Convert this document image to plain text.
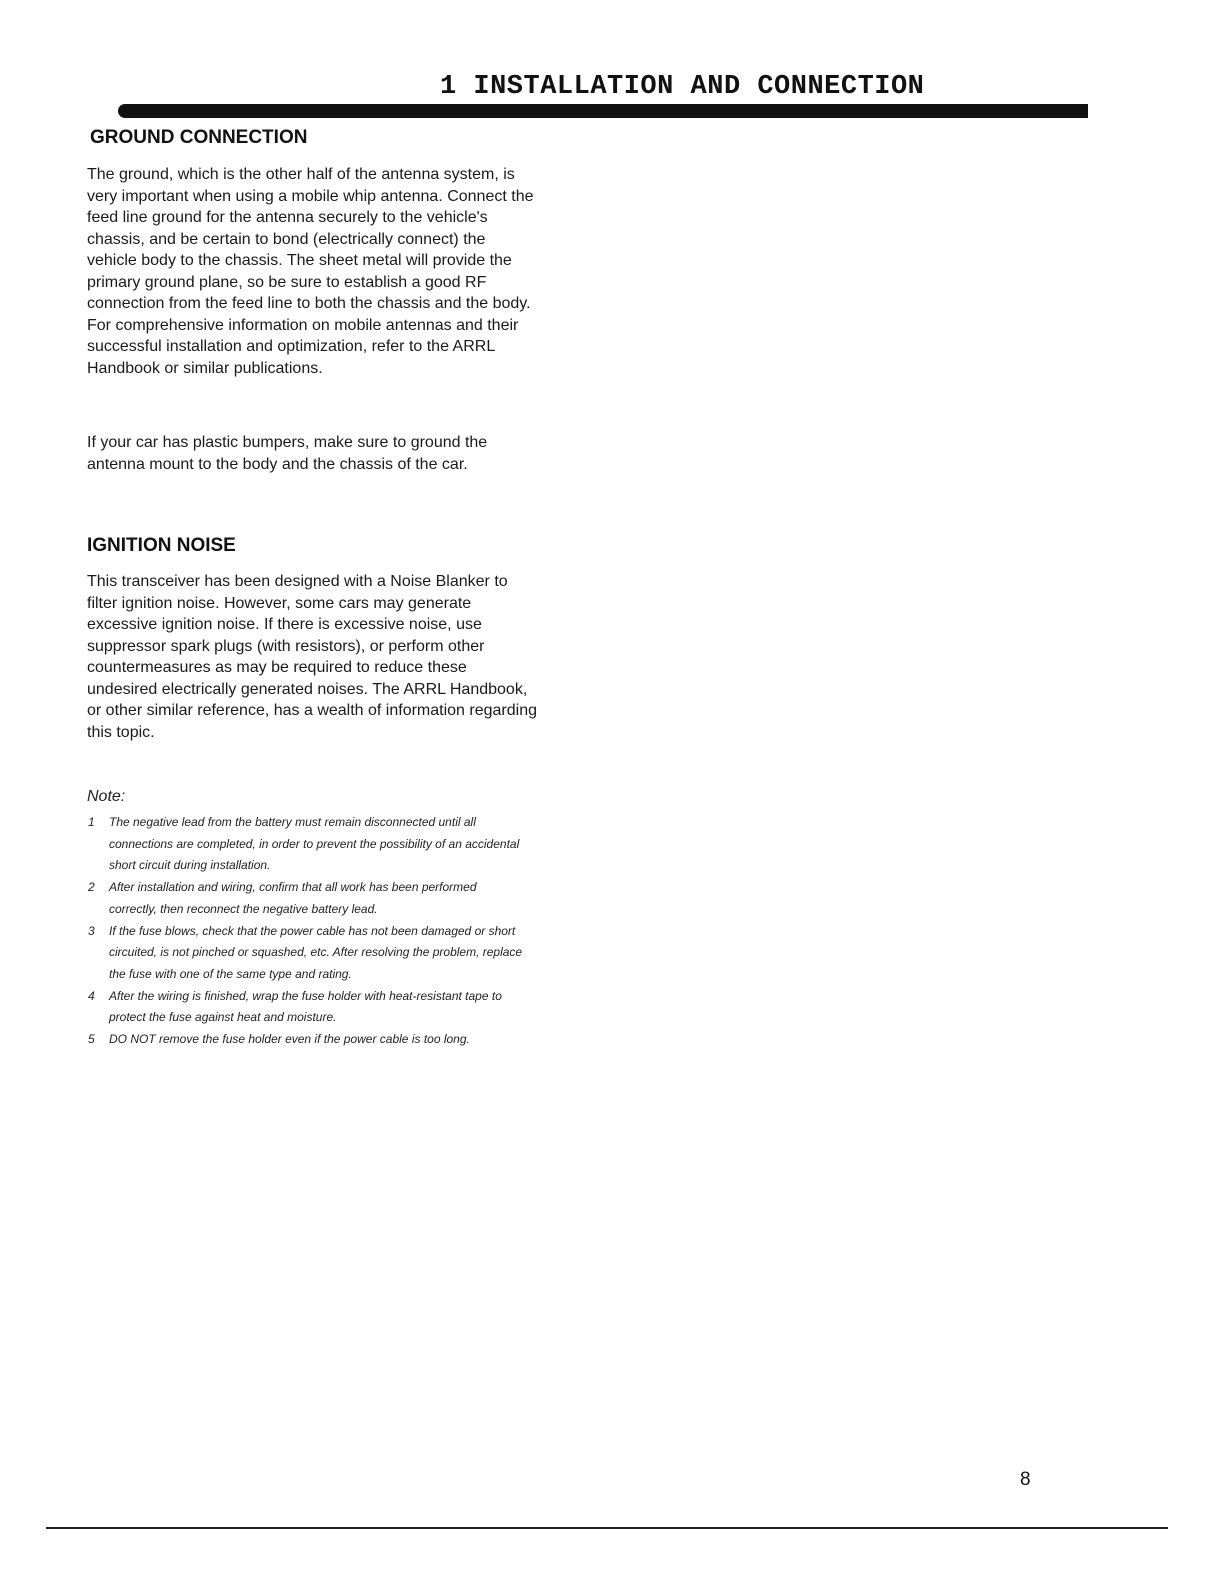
1 INSTALLATION AND CONNECTION
GROUND CONNECTION

The ground, which is the other half of the antenna system, is very important when using a mobile whip antenna. Connect the feed line ground for the antenna securely to the vehicle's chassis, and be certain to bond (electrically connect) the vehicle body to the chassis. The sheet metal will provide the primary ground plane, so be sure to establish a good RF connection from the feed line to both the chassis and the body. For comprehensive information on mobile antennas and their successful installation and optimization, refer to the ARRL Handbook or similar publications.

If your car has plastic bumpers, make sure to ground the antenna mount to the body and the chassis of the car.

IGNITION NOISE

This transceiver has been designed with a Noise Blanker to filter ignition noise. However, some cars may generate excessive ignition noise. If there is excessive noise, use suppressor spark plugs (with resistors), or perform other countermeasures as may be required to reduce these undesired electrically generated noises. The ARRL Handbook, or other similar reference, has a wealth of information regarding this topic.

Note:

1 The negative lead from the battery must remain disconnected until all connections are completed, in order to prevent the possibility of an accidental short circuit during installation.
2 After installation and wiring, confirm that all work has been performed correctly, then reconnect the negative battery lead.
3 If the fuse blows, check that the power cable has not been damaged or short circuited, is not pinched or squashed, etc. After resolving the problem, replace the fuse with one of the same type and rating.
4 After the wiring is finished, wrap the fuse holder with heat-resistant tape to protect the fuse against heat and moisture.
5 DO NOT remove the fuse holder even if the power cable is too long.
8
